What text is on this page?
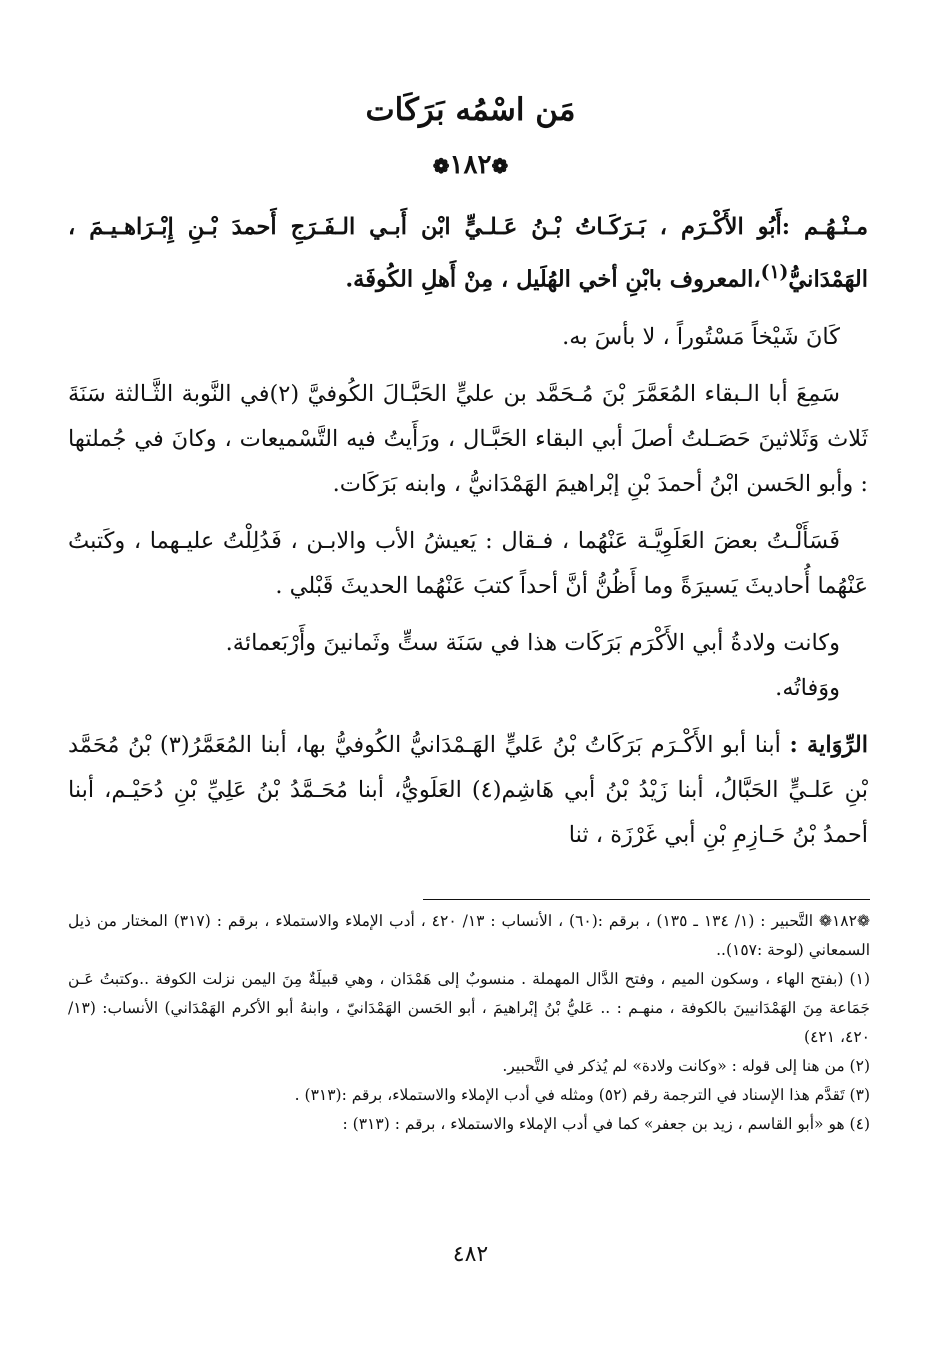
مَن اسْمُه بَرَكَات
❁١٨٢❁

مـنْـهُـم :أَبُو الأَكْـرَم ، بَـرَكَـاتُ بْـنُ عَـلـيٍّ ابْن أَبـي الـفَـرَجِ أَحمدَ بْـنِ إِبْـرَاهـيـمَ ، الهَمْدَانيُّ$^{(١)}$،المعروف بابْنِ أخي الهُلَيل ، مِنْ أَهلِ الكُوفَة.

كَانَ شَيْخاً مَسْتُوراً ، لا بأسَ به.

سَمِعَ أبا الـبقاء المُعَمَّرَ بْنَ مُـحَمَّد بن عليٍّ الحَبَّـالَ الكُوفيَّ (٢)في النَّوبة الثَّـالثة سَنَةَ ثَلاث وَثَلاثينَ حَصَـلتُ أصلَ أبي البقاء الحَبَّـال ، ورَأَيتُ فيه التَّسْميعات ، وكانَ في جُملتها : وأبو الحَسن ابْنُ أحمدَ بْنِ إبْراهيمَ الهَمْدَانيُّ ، وابنه بَرَكَات.

فَسَأَلْـتُ بعضَ العَلَوِيَّـة عَنْهُما ، فـقال : يَعيشُ الأب والابـن ، فَدُلِلْتُ عليـهما ، وكَتبتُ عَنْهُما أُحاديثَ يَسيرَةً وما أَظُنُّ أنَّ أحداً كتبَ عَنْهُما الحديثَ قَبْلي .

وكانت ولادةُ أبي الأَكْرَم بَرَكَات هذا في سَنَة ستٍّ وثَمانينَ وأَرْبَعمائة.

ووَفاتُه.

الرِّوَاية : أبنا أبو الأَكْـرَم بَرَكَاتُ بْنُ عَليٍّ الهَـمْدَانيُّ الكُوفيُّ بها، أبنا المُعَمَّرُ(٣) بْنُ مُحَمَّد بْنِ عَلـيٍّ الحَبَّالُ، أبنا زَيْدُ بْنُ أبي هَاشِم(٤) العَلَويُّ، أبنا مُحَـمَّدُ بْنُ عَلِيِّ بْنِ دُحَيْـم، أبنا أحمدُ بْنُ حَـازِمِ بْنِ أبي غَرْزَة ، ثنا

❁١٨٢❁ التَّحبير : (١/ ١٣٤ ـ ١٣٥) ، برقم :(٦٠) ، الأنساب : ١٣/ ٤٢٠ ، أدب الإملاء والاستملاء ، برقم : (٣١٧) المختار من ذيل السمعاني (لوحة :١٥٧)..

(١) (بفتح الهاء ، وسكون الميم ، وفتح الدَّال المهملة . منسوبٌ إلى هَمْدَان ، وهي قبيلَةٌ مِنَ اليمن نزلت الكوفة ..وكتبتُ عَـن جَمَاعة مِنَ الهَمْدَانيينَ بالكوفة ، منهـم : .. عَليُّ بْنُ إبْراهيمَ ، أبو الحَسن الهَمْدَانيّ ، وابنهُ أبو الأكرم الهَمْدَاني) الأنساب: (١٣/ ٤٢٠، ٤٢١)

(٢) من هنا إلى قوله : «وكانت ولادة» لم يُذكر في التَّحبير.

(٣) تَقدَّم هذا الإسناد في الترجمة رقم (٥٢) ومثله في أدب الإملاء والاستملاء، برقم :(٣١٣) .

(٤) هو «أبو القاسم ، زيد بن جعفر» كما في أدب الإملاء والاستملاء ، برقم : (٣١٣) :

٤٨٢
